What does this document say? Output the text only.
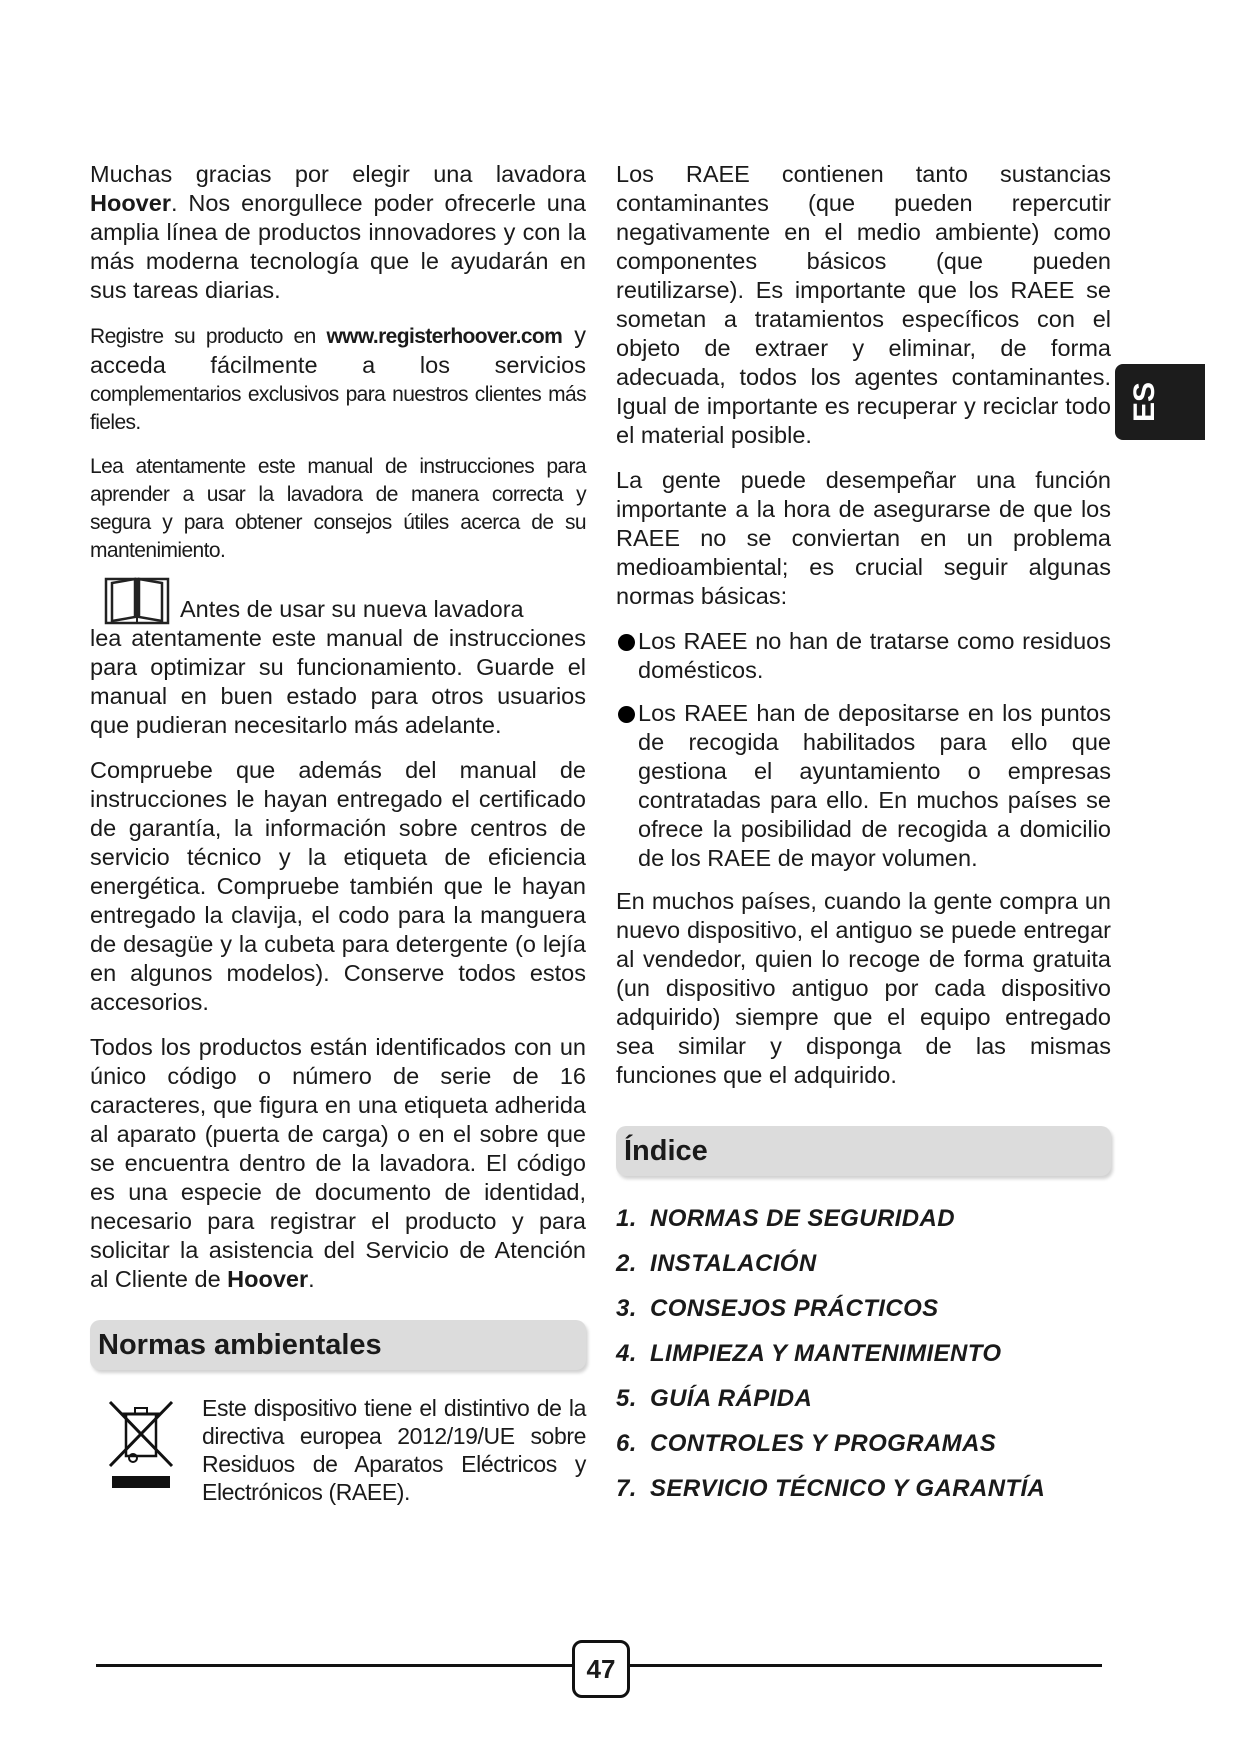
Muchas gracias por elegir una lavadora Hoover. Nos enorgullece poder ofrecerle una amplia línea de productos innovadores y con la más moderna tecnología que le ayudarán en sus tareas diarias.

Registre su producto en www.registerhoover.com y acceda fácilmente a los servicios complementarios exclusivos para nuestros clientes más fieles.

Lea atentamente este manual de instrucciones para aprender a usar la lavadora de manera correcta y segura y para obtener consejos útiles acerca de su mantenimiento.

Antes de usar su nueva lavadora
lea atentamente este manual de instrucciones para optimizar su funcionamiento. Guarde el manual en buen estado para otros usuarios que pudieran necesitarlo más adelante.

Compruebe que además del manual de instrucciones le hayan entregado el certificado de garantía, la información sobre centros de servicio técnico y la etiqueta de eficiencia energética. Compruebe también que le hayan entregado la clavija, el codo para la manguera de desagüe y la cubeta para detergente (o lejía en algunos modelos). Conserve todos estos accesorios.

Todos los productos están identificados con un único código o número de serie de 16 caracteres, que figura en una etiqueta adherida al aparato (puerta de carga) o en el sobre que se encuentra dentro de la lavadora. El código es una especie de documento de identidad, necesario para registrar el producto y para solicitar la asistencia del Servicio de Atención al Cliente de Hoover.

Normas ambientales

Este dispositivo tiene el distintivo de la directiva europea 2012/19/UE sobre Residuos de Aparatos Eléctricos y Electrónicos (RAEE).

Los RAEE contienen tanto sustancias contaminantes (que pueden repercutir negativamente en el medio ambiente) como componentes básicos (que pueden reutilizarse). Es importante que los RAEE se sometan a tratamientos específicos con el objeto de extraer y eliminar, de forma adecuada, todos los agentes contaminantes. Igual de importante es recuperar y reciclar todo el material posible.

La gente puede desempeñar una función importante a la hora de asegurarse de que los RAEE no se conviertan en un problema medioambiental; es crucial seguir algunas normas básicas:

Los RAEE no han de tratarse como residuos domésticos.
Los RAEE han de depositarse en los puntos de recogida habilitados para ello que gestiona el ayuntamiento o empresas contratadas para ello. En muchos países se ofrece la posibilidad de recogida a domicilio de los RAEE de mayor volumen.

En muchos países, cuando la gente compra un nuevo dispositivo, el antiguo se puede entregar al vendedor, quien lo recoge de forma gratuita (un dispositivo antiguo por cada dispositivo adquirido) siempre que el equipo entregado sea similar y disponga de las mismas funciones que el adquirido.

Índice
1. NORMAS DE SEGURIDAD
2. INSTALACIÓN
3. CONSEJOS PRÁCTICOS
4. LIMPIEZA Y MANTENIMIENTO
5. GUÍA RÁPIDA
6. CONTROLES Y PROGRAMAS
7. SERVICIO TÉCNICO Y GARANTÍA
ES
47
